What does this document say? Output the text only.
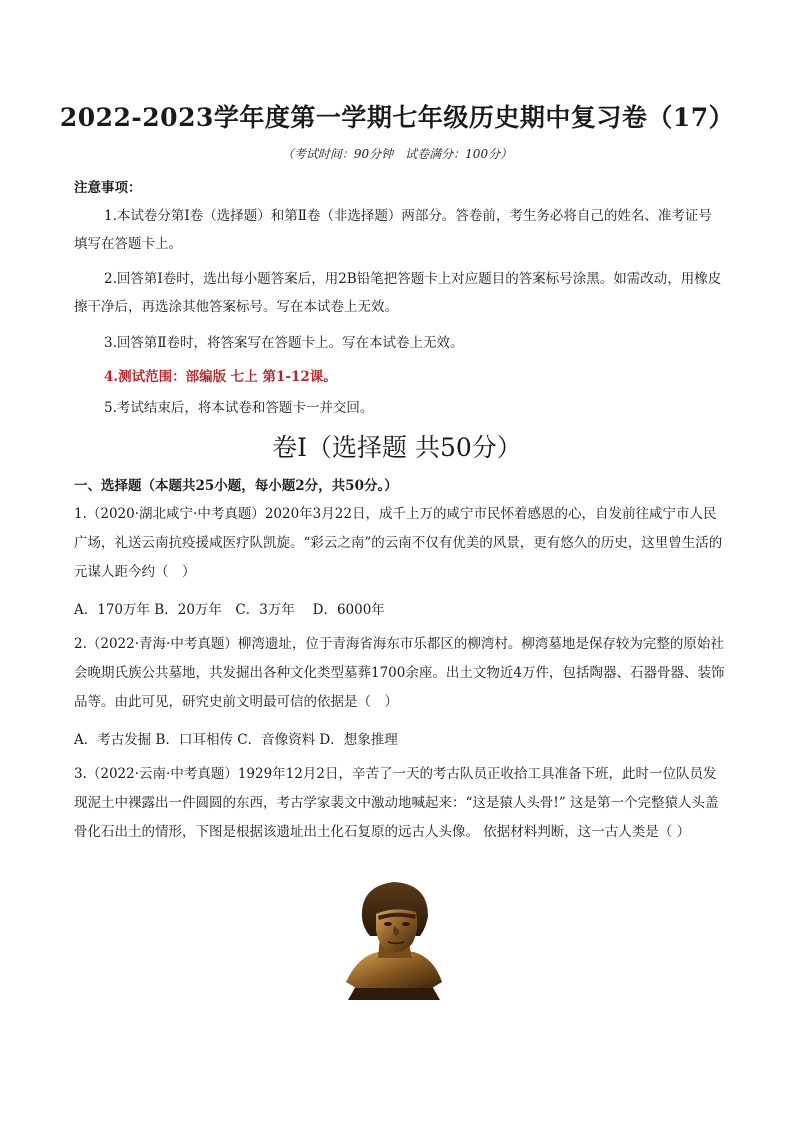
2022-2023学年度第一学期七年级历史期中复习卷（17）
（考试时间：90分钟　试卷满分：100分）
注意事项：
1.本试卷分第Ⅰ卷（选择题）和第Ⅱ卷（非选择题）两部分。答卷前，考生务必将自己的姓名、准考证号填写在答题卡上。
2.回答第Ⅰ卷时，选出每小题答案后，用2B铅笔把答题卡上对应题目的答案标号涂黑。如需改动，用橡皮擦干净后，再选涂其他答案标号。写在本试卷上无效。
3.回答第Ⅱ卷时，将答案写在答题卡上。写在本试卷上无效。
4.测试范围：部编版 七上 第1-12课。
5.考试结束后，将本试卷和答题卡一并交回。
卷Ⅰ（选择题 共50分）
一、选择题（本题共25小题，每小题2分，共50分。）
1.（2020·湖北咸宁·中考真题）2020年3月22日，成千上万的咸宁市民怀着感恩的心，自发前往咸宁市人民广场，礼送云南抗疫援咸医疗队凯旋。“彩云之南”的云南不仅有优美的风景，更有悠久的历史，这里曾生活的元谋人距今约（　）
A．170万年 B．20万年　C．3万年　 D．6000年
2.（2022·青海·中考真题）柳湾遗址，位于青海省海东市乐都区的柳湾村。柳湾墓地是保存较为完整的原始社会晚期氏族公共墓地，共发掘出各种文化类型墓葬1700余座。出土文物近4万件，包括陶器、石器骨器、装饰品等。由此可见，研究史前文明最可信的依据是（　）
A．考古发掘 B．口耳相传 C．音像资料 D．想象推理
3.（2022·云南·中考真题）1929年12月2日，辛苦了一天的考古队员正收拾工具准备下班，此时一位队员发现泥土中裸露出一件圆圆的东西，考古学家裴文中激动地喊起来：“这是猿人头骨!” 这是第一个完整猿人头盖骨化石出土的情形，下图是根据该遗址出土化石复原的远古人头像。 依据材料判断，这一古人类是（ ）
